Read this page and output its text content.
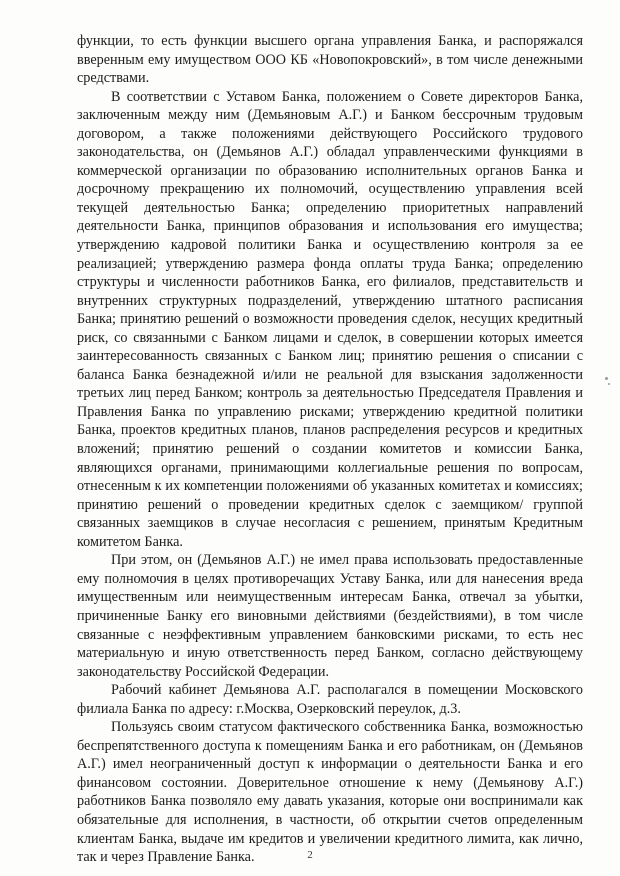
функции, то есть функции высшего органа управления Банка, и распоряжался вверенным ему имуществом ООО КБ «Новопокровский», в том числе денежными средствами.

В соответствии с Уставом Банка, положением о Совете директоров Банка, заключенным между ним (Демьяновым А.Г.) и Банком бессрочным трудовым договором, а также положениями действующего Российского трудового законодательства, он (Демьянов А.Г.) обладал управленческими функциями в коммерческой организации по образованию исполнительных органов Банка и досрочному прекращению их полномочий, осуществлению управления всей текущей деятельностью Банка; определению приоритетных направлений деятельности Банка, принципов образования и использования его имущества; утверждению кадровой политики Банка и осуществлению контроля за ее реализацией; утверждению размера фонда оплаты труда Банка; определению структуры и численности работников Банка, его филиалов, представительств и внутренних структурных подразделений, утверждению штатного расписания Банка; принятию решений о возможности проведения сделок, несущих кредитный риск, со связанными с Банком лицами и сделок, в совершении которых имеется заинтересованность связанных с Банком лиц; принятию решения о списании с баланса Банка безнадежной и/или не реальной для взыскания задолженности третьих лиц перед Банком; контроль за деятельностью Председателя Правления и Правления Банка по управлению рисками; утверждению кредитной политики Банка, проектов кредитных планов, планов распределения ресурсов и кредитных вложений; принятию решений о создании комитетов и комиссии Банка, являющихся органами, принимающими коллегиальные решения по вопросам, отнесенным к их компетенции положениями об указанных комитетах и комиссиях; принятию решений о проведении кредитных сделок с заемщиком/ группой связанных заемщиков в случае несогласия с решением, принятым Кредитным комитетом Банка.

При этом, он (Демьянов А.Г.) не имел права использовать предоставленные ему полномочия в целях противоречащих Уставу Банка, или для нанесения вреда имущественным или неимущественным интересам Банка, отвечал за убытки, причиненные Банку его виновными действиями (бездействиями), в том числе связанные с неэффективным управлением банковскими рисками, то есть нес материальную и иную ответственность перед Банком, согласно действующему законодательству Российской Федерации.

Рабочий кабинет Демьянова А.Г. располагался в помещении Московского филиала Банка по адресу: г.Москва, Озерковский переулок, д.3.

Пользуясь своим статусом фактического собственника Банка, возможностью беспрепятственного доступа к помещениям Банка и его работникам, он (Демьянов А.Г.) имел неограниченный доступ к информации о деятельности Банка и его финансовом состоянии. Доверительное отношение к нему (Демьянову А.Г.) работников Банка позволяло ему давать указания, которые они воспринимали как обязательные для исполнения, в частности, об открытии счетов определенным клиентам Банка, выдаче им кредитов и увеличении кредитного лимита, как лично, так и через Правление Банка.	2
